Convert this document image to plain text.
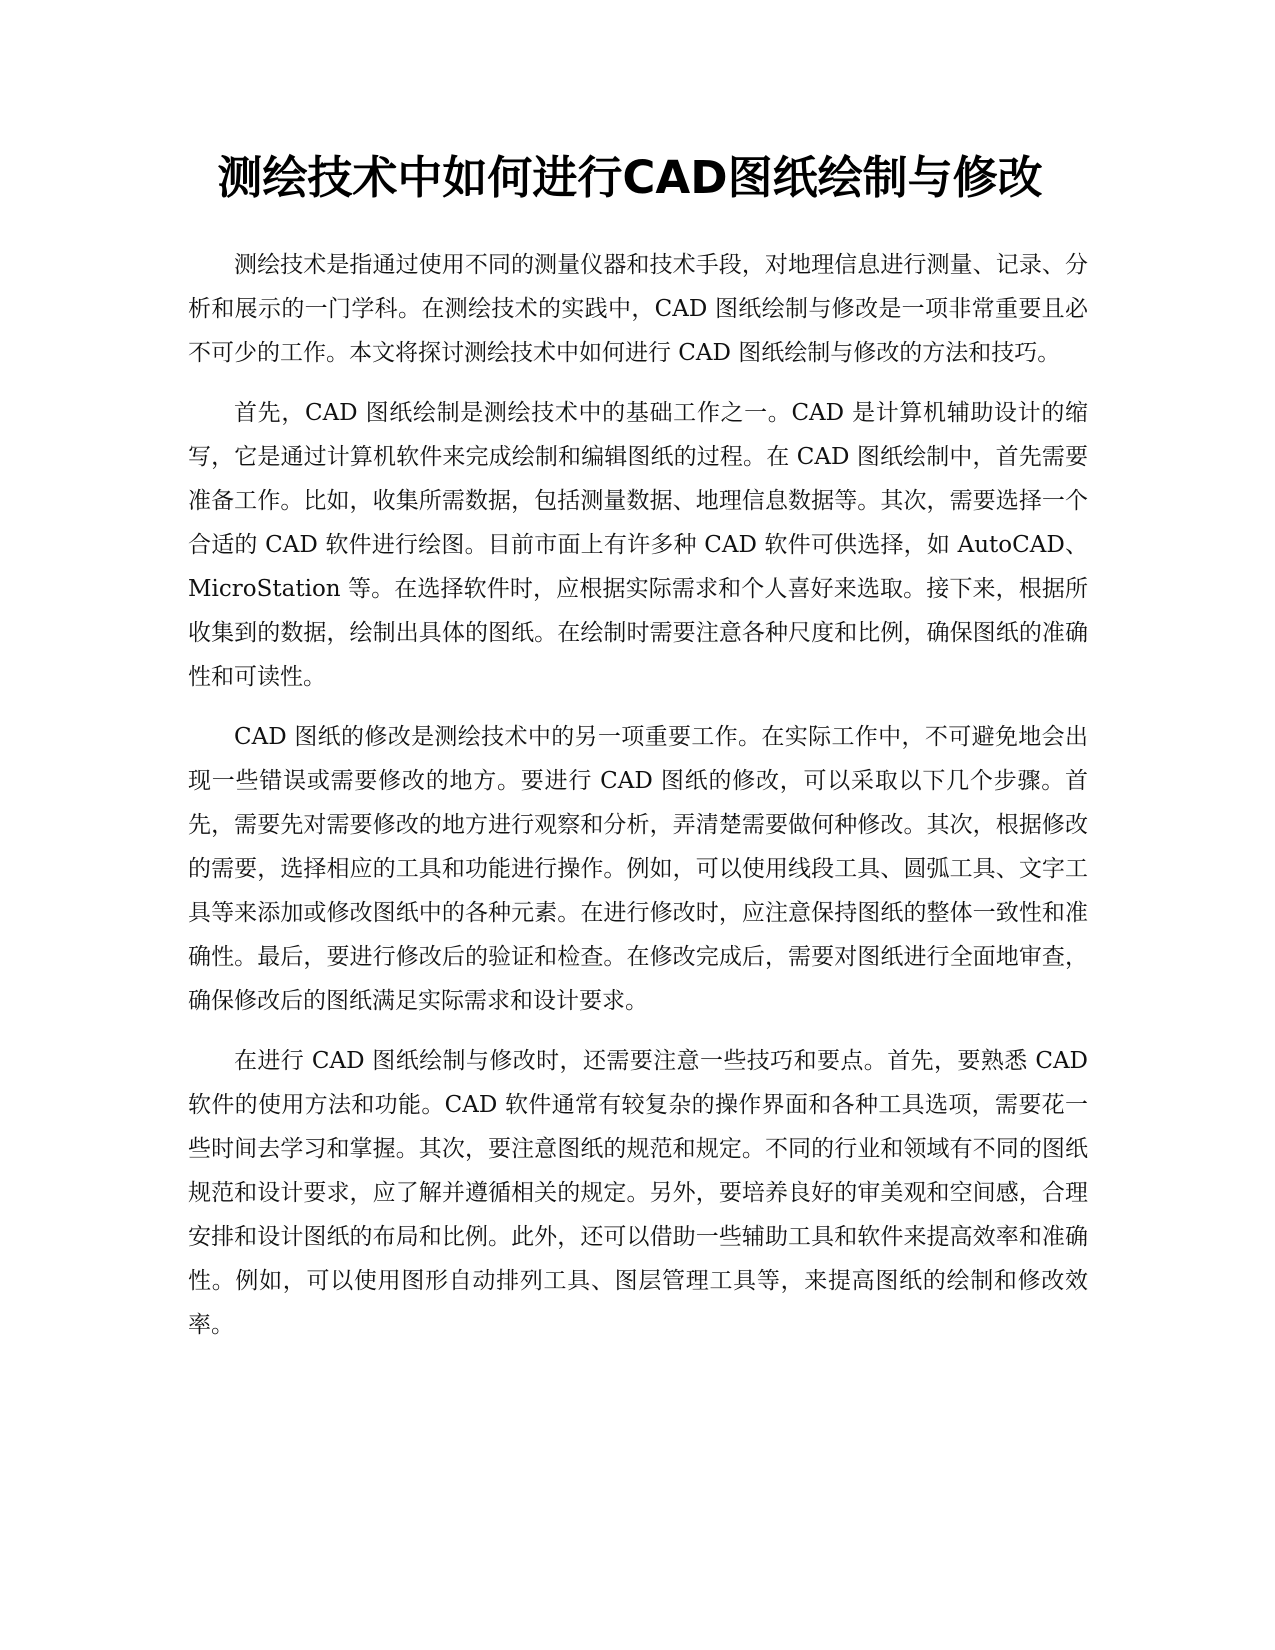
测绘技术中如何进行CAD图纸绘制与修改

测绘技术是指通过使用不同的测量仪器和技术手段，对地理信息进行测量、记录、分析和展示的一门学科。在测绘技术的实践中，CAD 图纸绘制与修改是一项非常重要且必不可少的工作。本文将探讨测绘技术中如何进行 CAD 图纸绘制与修改的方法和技巧。

首先，CAD 图纸绘制是测绘技术中的基础工作之一。CAD 是计算机辅助设计的缩写，它是通过计算机软件来完成绘制和编辑图纸的过程。在 CAD 图纸绘制中，首先需要准备工作。比如，收集所需数据，包括测量数据、地理信息数据等。其次，需要选择一个合适的 CAD 软件进行绘图。目前市面上有许多种 CAD 软件可供选择，如 AutoCAD、MicroStation 等。在选择软件时，应根据实际需求和个人喜好来选取。接下来，根据所收集到的数据，绘制出具体的图纸。在绘制时需要注意各种尺度和比例，确保图纸的准确性和可读性。

CAD 图纸的修改是测绘技术中的另一项重要工作。在实际工作中，不可避免地会出现一些错误或需要修改的地方。要进行 CAD 图纸的修改，可以采取以下几个步骤。首先，需要先对需要修改的地方进行观察和分析，弄清楚需要做何种修改。其次，根据修改的需要，选择相应的工具和功能进行操作。例如，可以使用线段工具、圆弧工具、文字工具等来添加或修改图纸中的各种元素。在进行修改时，应注意保持图纸的整体一致性和准确性。最后，要进行修改后的验证和检查。在修改完成后，需要对图纸进行全面地审查，确保修改后的图纸满足实际需求和设计要求。

在进行 CAD 图纸绘制与修改时，还需要注意一些技巧和要点。首先，要熟悉 CAD 软件的使用方法和功能。CAD 软件通常有较复杂的操作界面和各种工具选项，需要花一些时间去学习和掌握。其次，要注意图纸的规范和规定。不同的行业和领域有不同的图纸规范和设计要求，应了解并遵循相关的规定。另外，要培养良好的审美观和空间感，合理安排和设计图纸的布局和比例。此外，还可以借助一些辅助工具和软件来提高效率和准确性。例如，可以使用图形自动排列工具、图层管理工具等，来提高图纸的绘制和修改效率。
